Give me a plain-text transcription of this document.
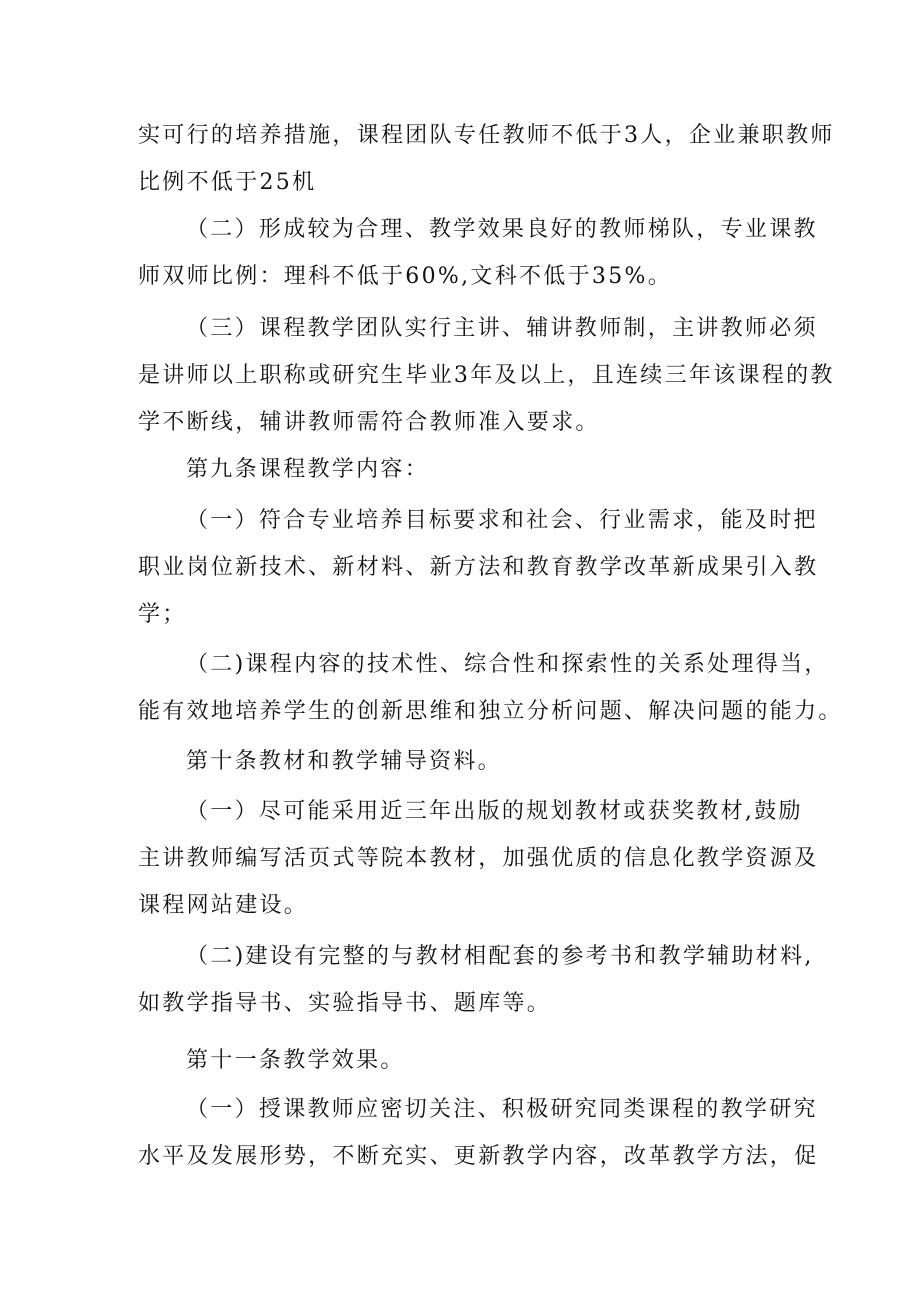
实可行的培养措施，课程团队专任教师不低于3人，企业兼职教师
比例不低于25机
（二）形成较为合理、教学效果良好的教师梯队，专业课教
师双师比例：理科不低于60%,文科不低于35%。
（三）课程教学团队实行主讲、辅讲教师制，主讲教师必须
是讲师以上职称或研究生毕业3年及以上，且连续三年该课程的教
学不断线，辅讲教师需符合教师准入要求。
第九条课程教学内容：
（一）符合专业培养目标要求和社会、行业需求，能及时把
职业岗位新技术、新材料、新方法和教育教学改革新成果引入教
学；
（二)课程内容的技术性、综合性和探索性的关系处理得当，
能有效地培养学生的创新思维和独立分析问题、解决问题的能力。
第十条教材和教学辅导资料。
（一）尽可能采用近三年出版的规划教材或获奖教材,鼓励
主讲教师编写活页式等院本教材，加强优质的信息化教学资源及
课程网站建设。
（二)建设有完整的与教材相配套的参考书和教学辅助材料,
如教学指导书、实验指导书、题库等。
第十一条教学效果。
（一）授课教师应密切关注、积极研究同类课程的教学研究
水平及发展形势，不断充实、更新教学内容，改革教学方法，促
